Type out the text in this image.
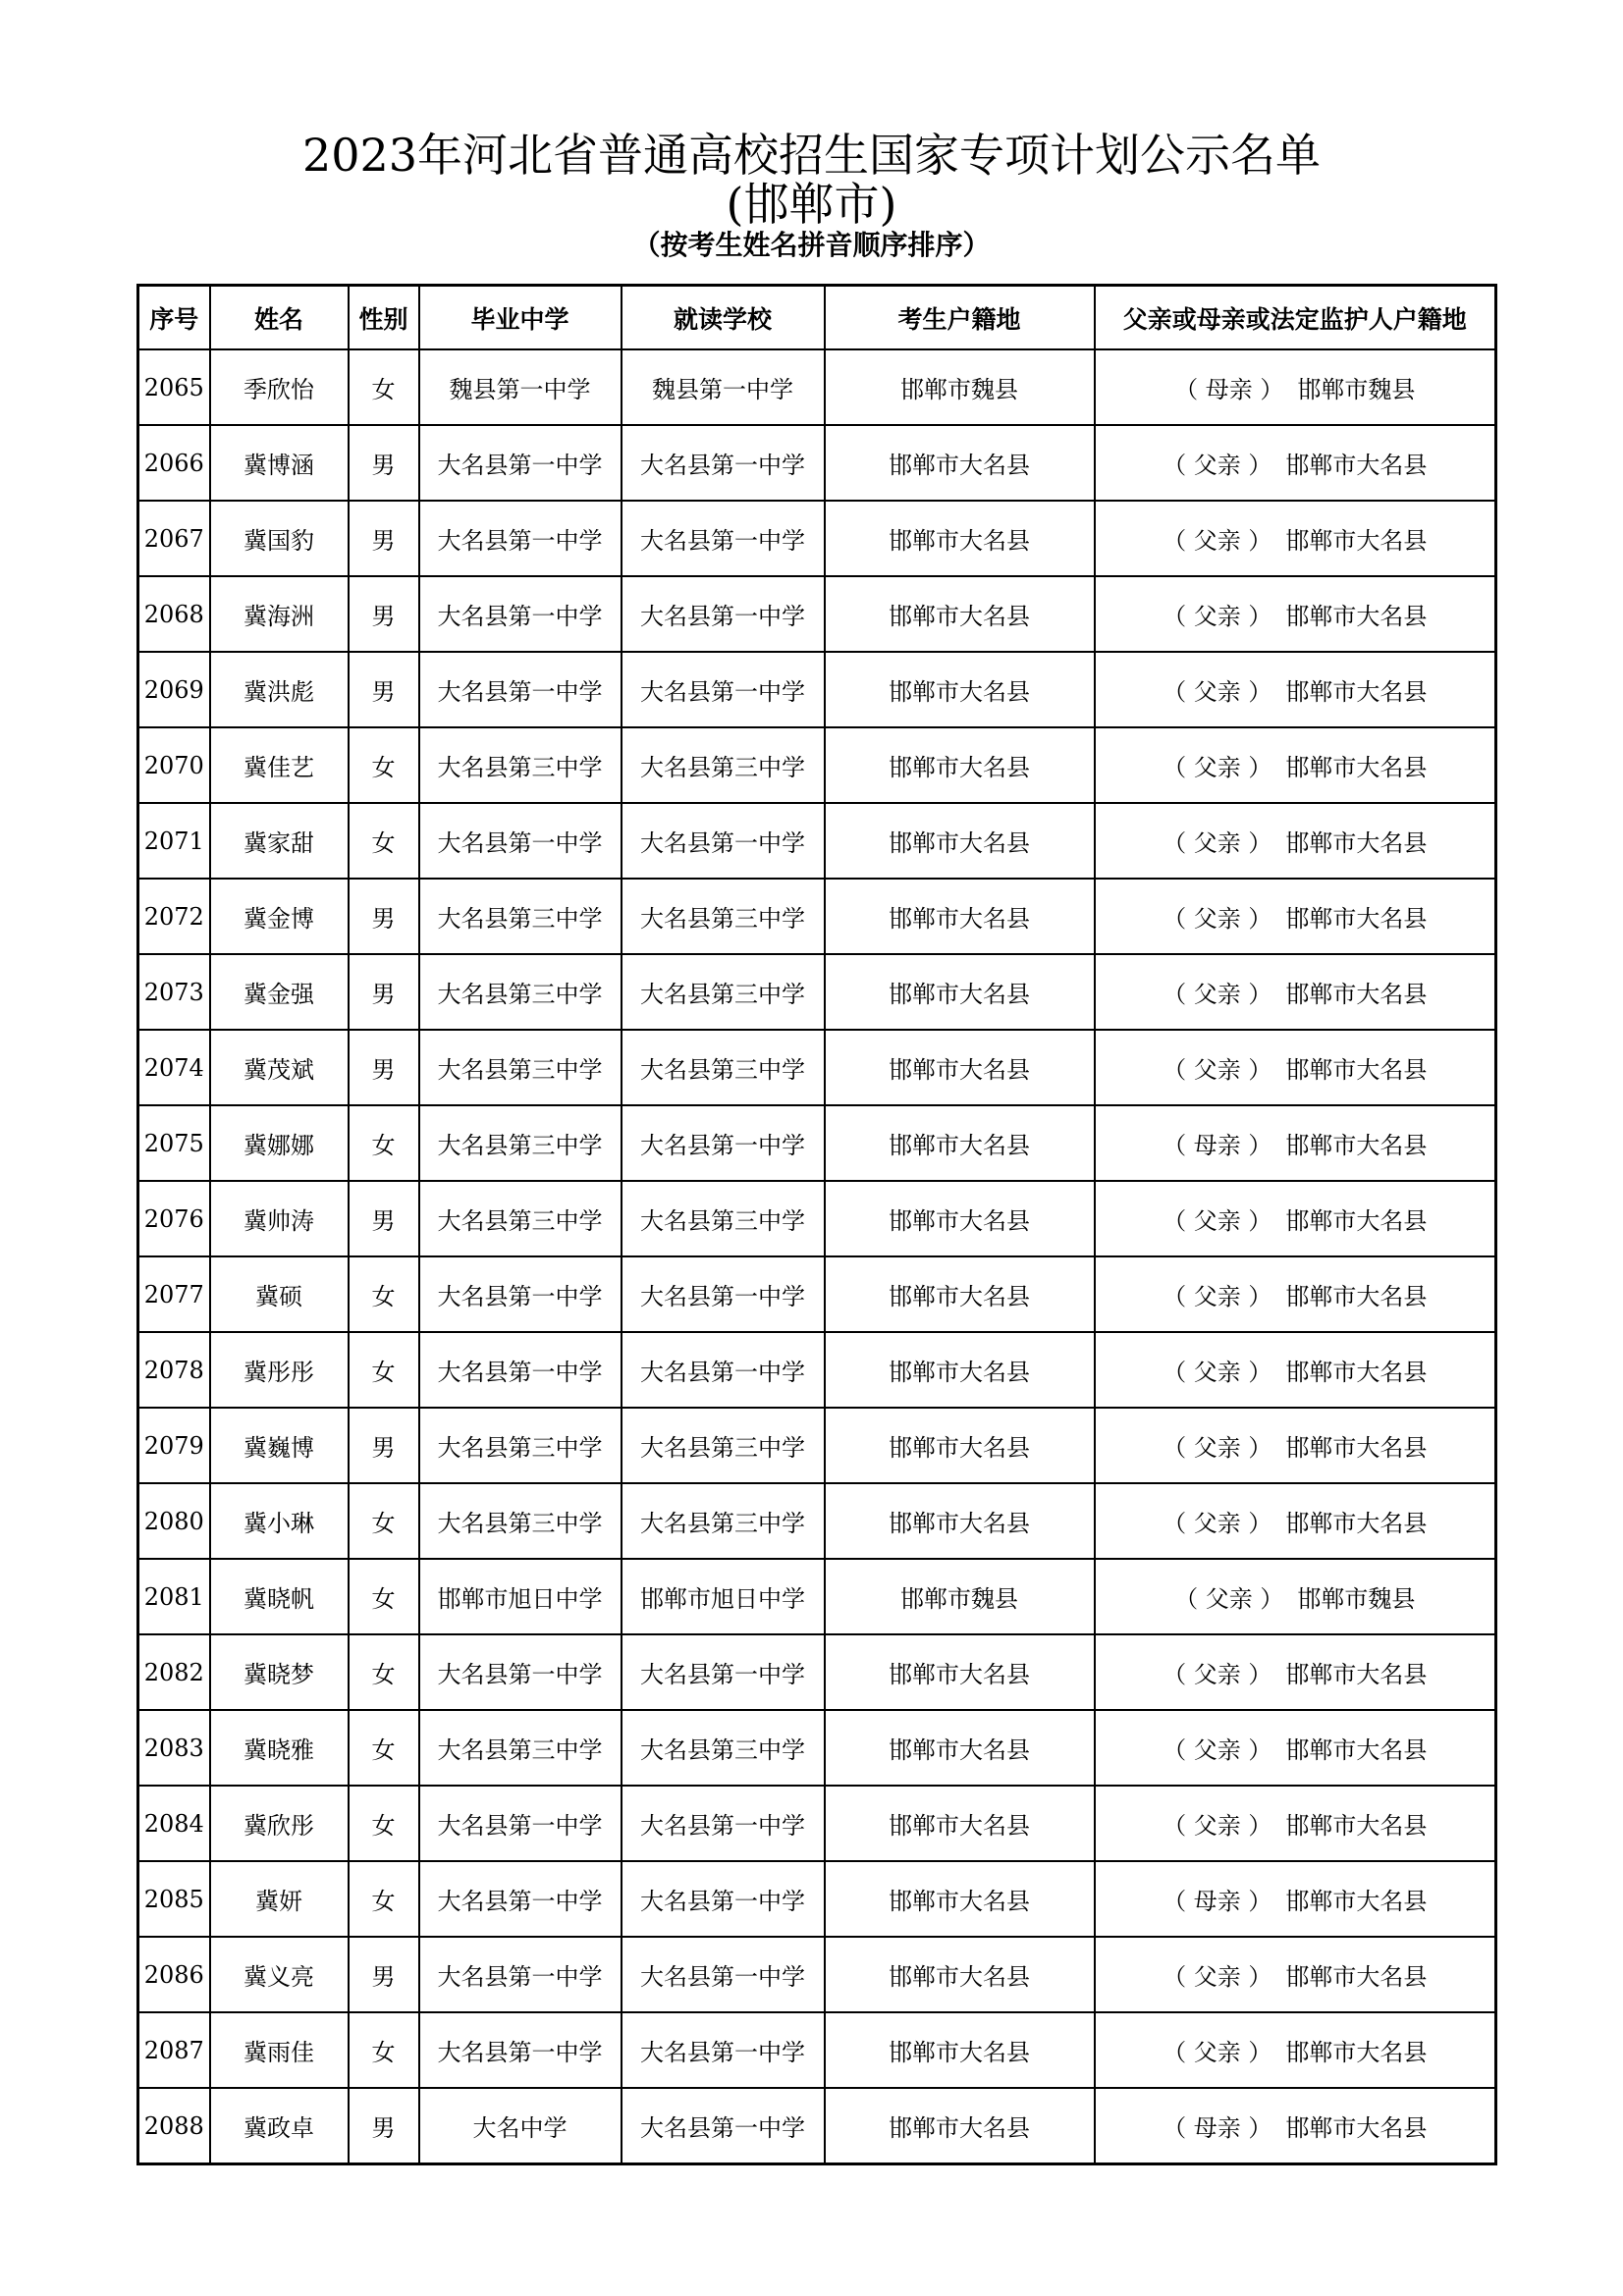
2023年河北省普通高校招生国家专项计划公示名单
(邯郸市)
（按考生姓名拼音顺序排序）
序号	姓名	性别	毕业中学	就读学校	考生户籍地	父亲或母亲或法定监护人户籍地
2065	季欣怡	女	魏县第一中学	魏县第一中学	邯郸市魏县	（ 母亲 ） 邯郸市魏县
2066	冀博涵	男	大名县第一中学	大名县第一中学	邯郸市大名县	（ 父亲 ） 邯郸市大名县
2067	冀国豹	男	大名县第一中学	大名县第一中学	邯郸市大名县	（ 父亲 ） 邯郸市大名县
2068	冀海洲	男	大名县第一中学	大名县第一中学	邯郸市大名县	（ 父亲 ） 邯郸市大名县
2069	冀洪彪	男	大名县第一中学	大名县第一中学	邯郸市大名县	（ 父亲 ） 邯郸市大名县
2070	冀佳艺	女	大名县第三中学	大名县第三中学	邯郸市大名县	（ 父亲 ） 邯郸市大名县
2071	冀家甜	女	大名县第一中学	大名县第一中学	邯郸市大名县	（ 父亲 ） 邯郸市大名县
2072	冀金博	男	大名县第三中学	大名县第三中学	邯郸市大名县	（ 父亲 ） 邯郸市大名县
2073	冀金强	男	大名县第三中学	大名县第三中学	邯郸市大名县	（ 父亲 ） 邯郸市大名县
2074	冀茂斌	男	大名县第三中学	大名县第三中学	邯郸市大名县	（ 父亲 ） 邯郸市大名县
2075	冀娜娜	女	大名县第三中学	大名县第一中学	邯郸市大名县	（ 母亲 ） 邯郸市大名县
2076	冀帅涛	男	大名县第三中学	大名县第三中学	邯郸市大名县	（ 父亲 ） 邯郸市大名县
2077	冀硕	女	大名县第一中学	大名县第一中学	邯郸市大名县	（ 父亲 ） 邯郸市大名县
2078	冀彤彤	女	大名县第一中学	大名县第一中学	邯郸市大名县	（ 父亲 ） 邯郸市大名县
2079	冀巍博	男	大名县第三中学	大名县第三中学	邯郸市大名县	（ 父亲 ） 邯郸市大名县
2080	冀小琳	女	大名县第三中学	大名县第三中学	邯郸市大名县	（ 父亲 ） 邯郸市大名县
2081	冀晓帆	女	邯郸市旭日中学	邯郸市旭日中学	邯郸市魏县	（ 父亲 ） 邯郸市魏县
2082	冀晓梦	女	大名县第一中学	大名县第一中学	邯郸市大名县	（ 父亲 ） 邯郸市大名县
2083	冀晓雅	女	大名县第三中学	大名县第三中学	邯郸市大名县	（ 父亲 ） 邯郸市大名县
2084	冀欣彤	女	大名县第一中学	大名县第一中学	邯郸市大名县	（ 父亲 ） 邯郸市大名县
2085	冀妍	女	大名县第一中学	大名县第一中学	邯郸市大名县	（ 母亲 ） 邯郸市大名县
2086	冀义亮	男	大名县第一中学	大名县第一中学	邯郸市大名县	（ 父亲 ） 邯郸市大名县
2087	冀雨佳	女	大名县第一中学	大名县第一中学	邯郸市大名县	（ 父亲 ） 邯郸市大名县
2088	冀政卓	男	大名中学	大名县第一中学	邯郸市大名县	（ 母亲 ） 邯郸市大名县
